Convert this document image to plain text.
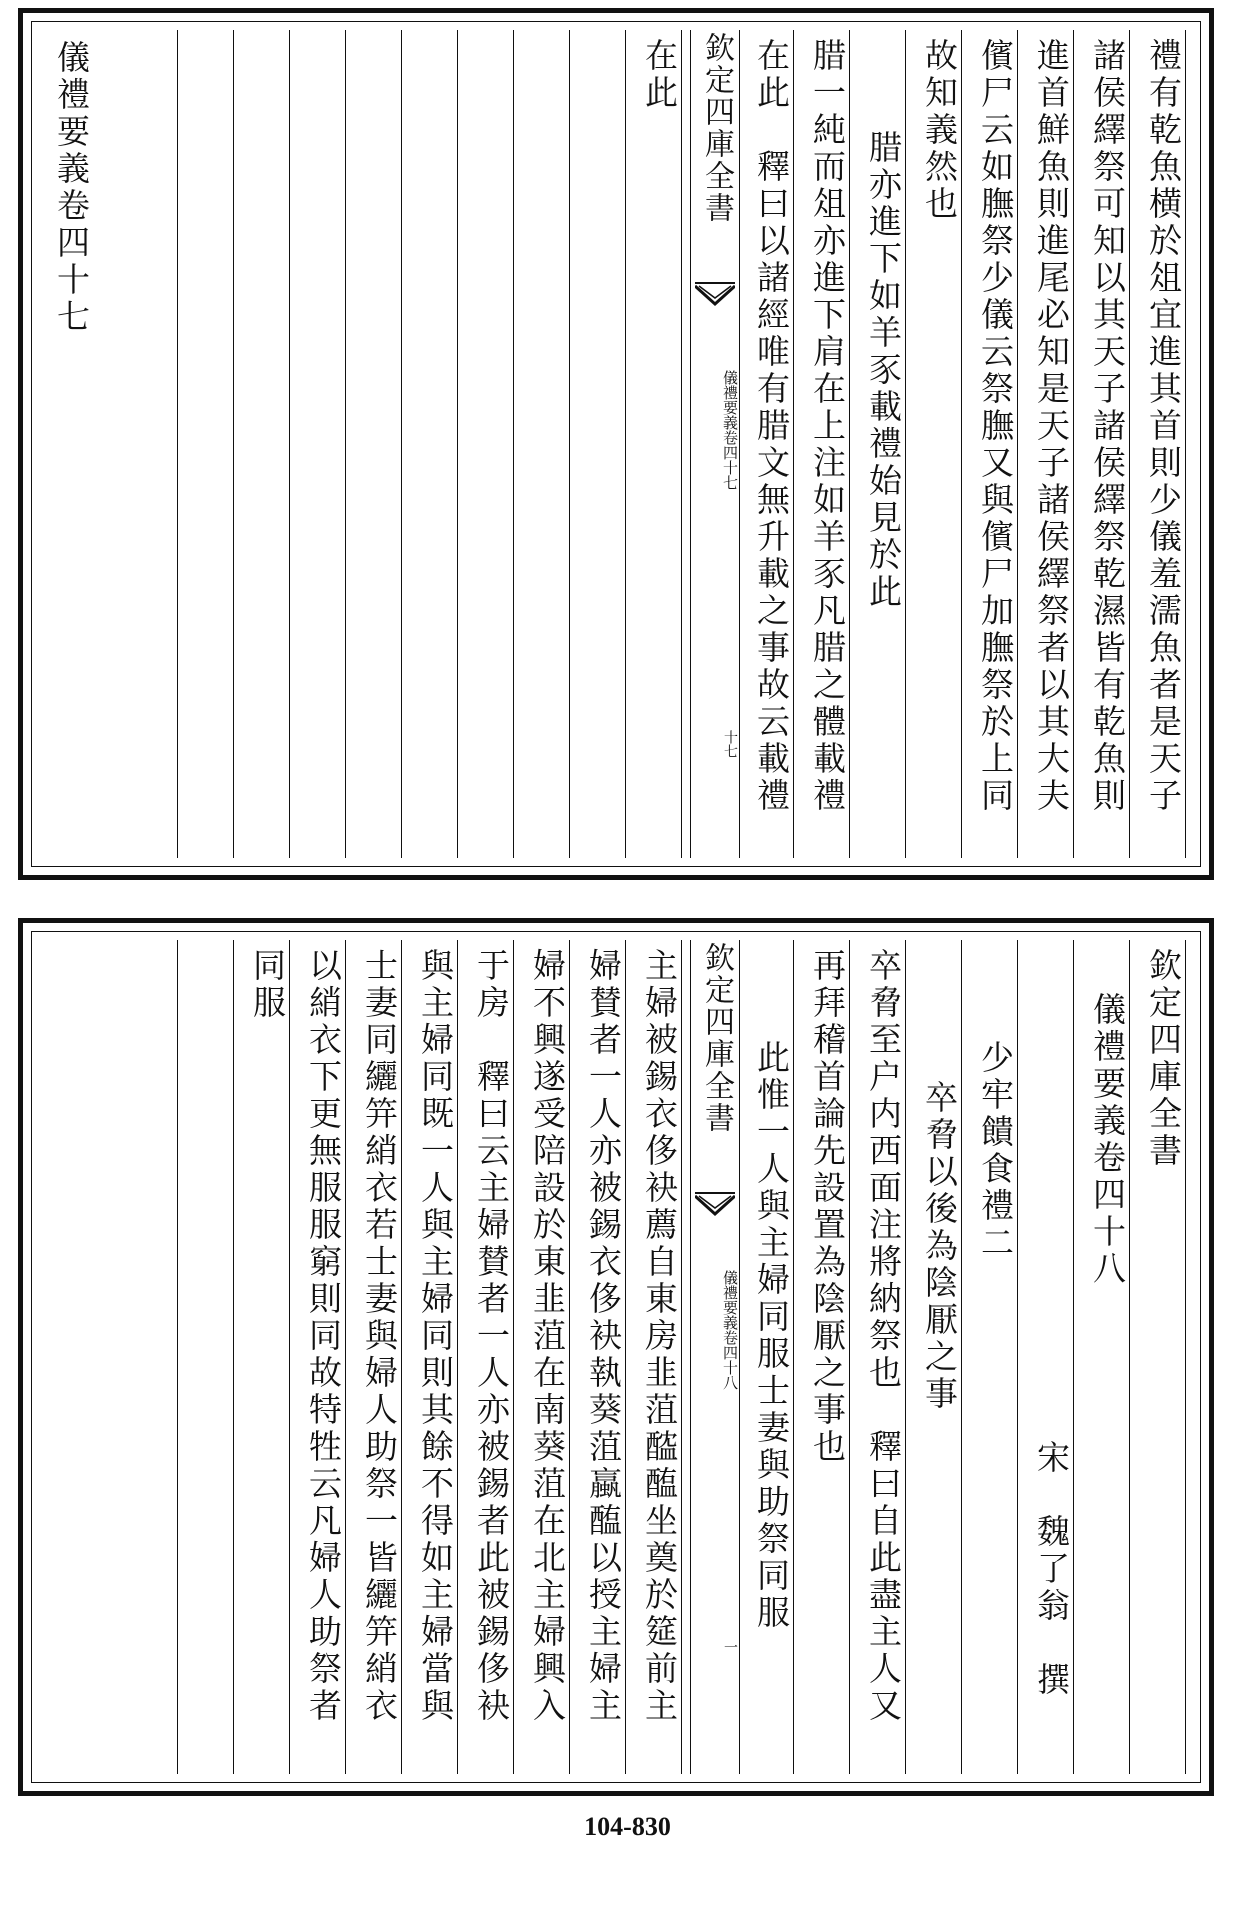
儀禮要義卷四十七	禮有乾魚横於俎宜進其首則少儀羞濡魚者是天子
諸侯繹祭可知以其天子諸侯繹祭乾濕皆有乾魚則
進首鮮魚則進尾必知是天子諸侯繹祭者以其大夫
儐尸云如膴祭少儀云祭膴又與儐尸加膴祭於上同
故知義然也
腊亦進下如羊豕載禮始見於此
腊一純而俎亦進下肩在上注如羊豕凡腊之體載禮
在此　釋曰以諸經唯有腊文無升載之事故云載禮
欽定四庫全書
儀禮要義卷四十七
十七
在此
欽定四庫全書
儀禮要義卷四十八
宋　魏了翁　撰
少牢饋食禮二
卒脅以後為陰厭之事
卒脅至户内西面注將納祭也　釋曰自此盡主人又
再拜稽首論先設置為陰厭之事也
此惟一人與主婦同服士妻與助祭同服
欽定四庫全書
儀禮要義卷四十八
一
主婦被錫衣侈袂薦自東房韭菹醓醢坐奠於筵前主
婦賛者一人亦被錫衣侈袂執葵菹蠃醢以授主婦主
婦不興遂受陪設於東韭菹在南葵菹在北主婦興入
于房　釋曰云主婦賛者一人亦被錫者此被錫侈袂
與主婦同既一人與主婦同則其餘不得如主婦當與
士妻同纚笄綃衣若士妻與婦人助祭一皆纚笄綃衣
以綃衣下更無服服窮則同故特牲云凡婦人助祭者
同服
104-830
